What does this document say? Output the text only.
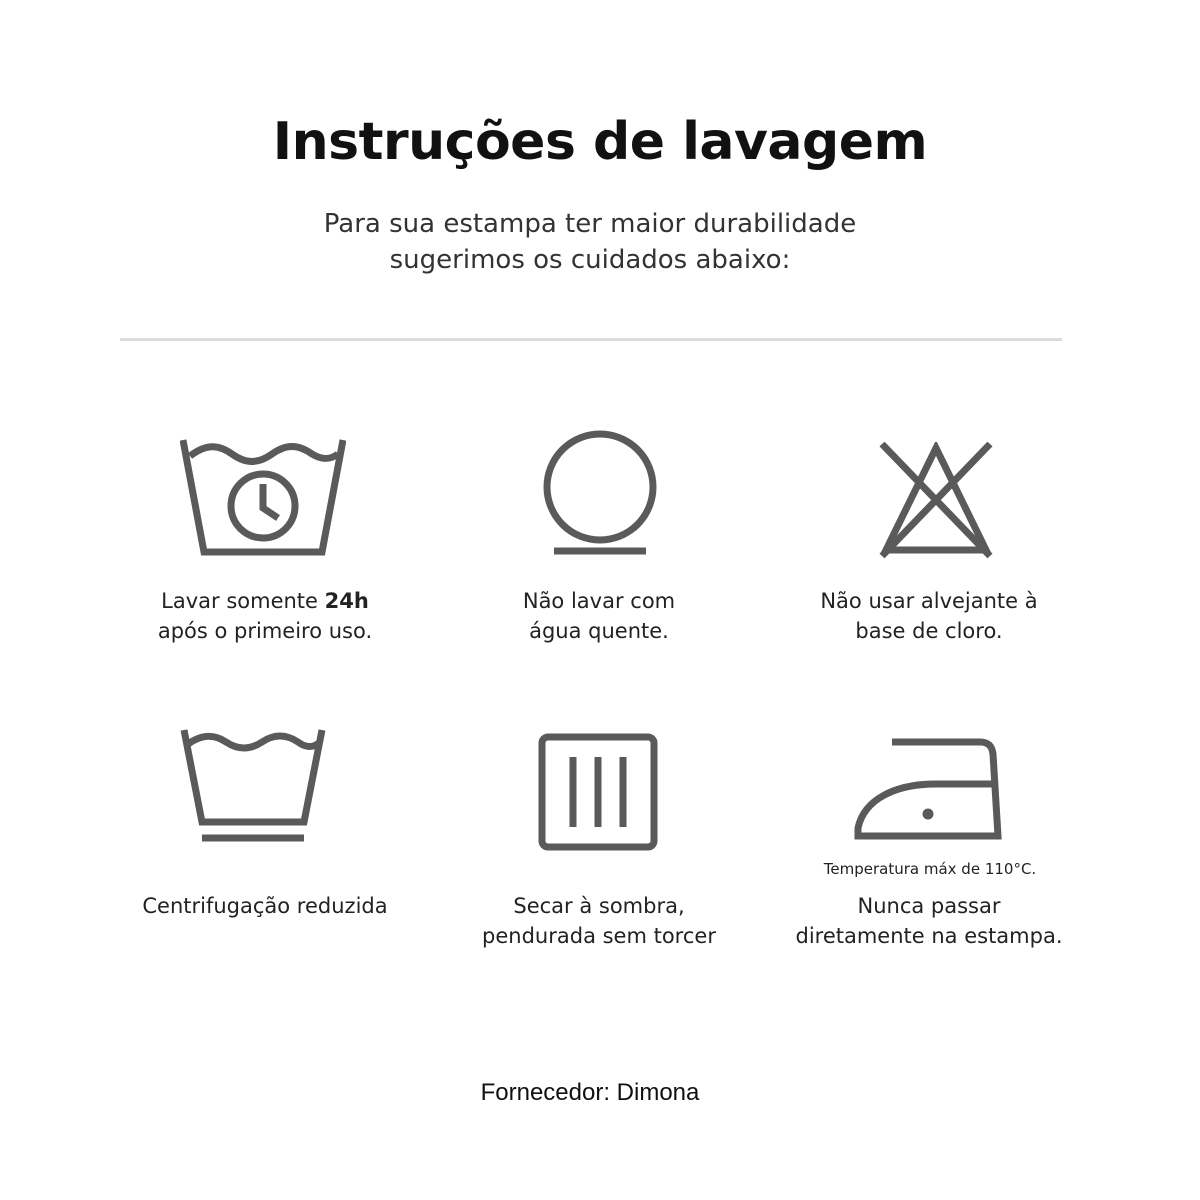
Instruções de lavagem
Para sua estampa ter maior durabilidade
sugerimos os cuidados abaixo:
Lavar somente 24h
após o primeiro uso.
Não lavar com
água quente.
Não usar alvejante à
base de cloro.
Centrifugação reduzida	Secar à sombra,
pendurada sem torcer
Temperatura máx de 110°C.
Nunca passar
diretamente na estampa.
Fornecedor: Dimona
